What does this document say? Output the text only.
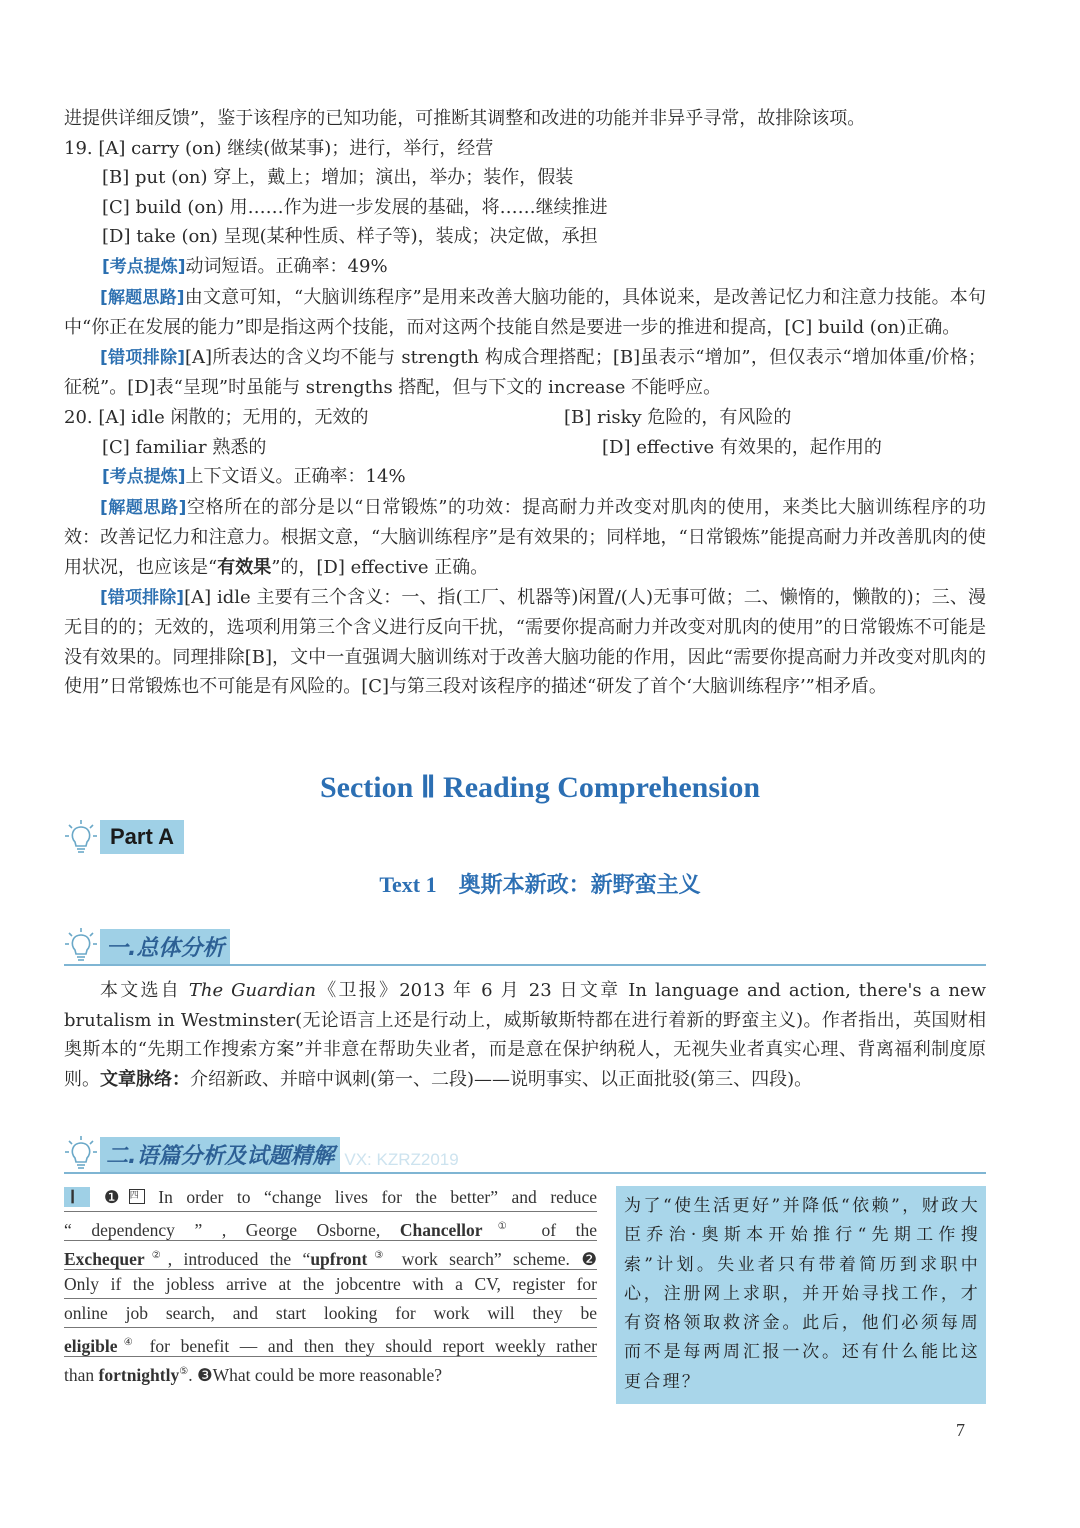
进提供详细反馈”，鉴于该程序的已知功能，可推断其调整和改进的功能并非异乎寻常，故排除该项。

19. [A] carry (on) 继续(做某事)；进行，举行，经营
[B] put (on) 穿上，戴上；增加；演出，举办；装作，假装
[C] build (on) 用……作为进一步发展的基础，将……继续推进
[D] take (on) 呈现(某种性质、样子等)，装成；决定做，承担
[考点提炼]动词短语。正确率：49%

[解题思路]由文意可知，“大脑训练程序”是用来改善大脑功能的，具体说来，是改善记忆力和注意力技能。本句中“你正在发展的能力”即是指这两个技能，而对这两个技能自然是要进一步的推进和提高，[C] build (on)正确。

[错项排除][A]所表达的含义均不能与 strength 构成合理搭配；[B]虽表示“增加”，但仅表示“增加体重/价格；征税”。[D]表“呈现”时虽能与 strengths 搭配，但与下文的 increase 不能呼应。

20. [A] idle 闲散的；无用的，无效的	[B] risky 危险的，有风险的
[C] familiar 熟悉的	[D] effective 有效果的，起作用的
[考点提炼]上下文语义。正确率：14%

[解题思路]空格所在的部分是以“日常锻炼”的功效：提高耐力并改变对肌肉的使用，来类比大脑训练程序的功效：改善记忆力和注意力。根据文意，“大脑训练程序”是有效果的；同样地，“日常锻炼”能提高耐力并改善肌肉的使用状况，也应该是“有效果”的，[D] effective 正确。

[错项排除][A] idle 主要有三个含义：一、指(工厂、机器等)闲置/(人)无事可做；二、懒惰的，懒散的)；三、漫无目的的；无效的，选项利用第三个含义进行反向干扰，“需要你提高耐力并改变对肌肉的使用”的日常锻炼不可能是没有效果的。同理排除[B]，文中一直强调大脑训练对于改善大脑功能的作用，因此“需要你提高耐力并改变对肌肉的使用”日常锻炼也不可能是有风险的。[C]与第三段对该程序的描述“研发了首个‘大脑训练程序’”相矛盾。

Section Ⅱ Reading Comprehension
Part A
Text 1　奥斯本新政：新野蛮主义
一.总体分析

本文选自 The Guardian《卫报》2013 年 6 月 23 日文章 In language and action, there's a new brutalism in Westminster(无论语言上还是行动上，威斯敏斯特都在进行着新的野蛮主义)。作者指出，英国财相奥斯本的“先期工作搜索方案”并非意在帮助失业者，而是意在保护纳税人，无视失业者真实心理、背离福利制度原则。文章脉络：介绍新政、并暗中讽刺(第一、二段)——说明事实、以正面批驳(第三、四段)。

二.语篇分析及试题精解 VX: KZRZ2019
Ⅰ ❶四 In order to “change lives for the better” and reduce
“ dependency ” , George Osborne, Chancellor① of the
Exchequer②, introduced the “upfront③ work search” scheme. ❷
Only if the jobless arrive at the jobcentre with a CV, register for
online job search, and start looking for work will they be
eligible④ for benefit — and then they should report weekly rather
than fortnightly⑤. ❸What could be more reasonable?
为了“使生活更好”并降低“依赖”，财政大臣乔治·奥斯本开始推行“先期工作搜索”计划。失业者只有带着简历到求职中心，注册网上求职，并开始寻找工作，才有资格领取救济金。此后，他们必须每周而不是每两周汇报一次。还有什么能比这更合理？
7
